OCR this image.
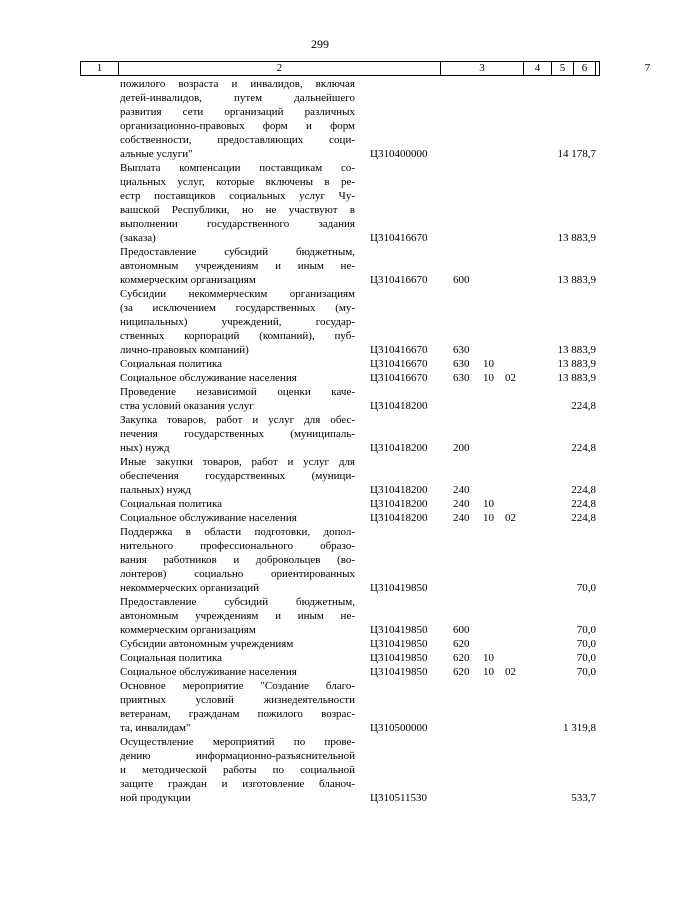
299
1	2	3	4	5	6	7
пожилого возраста и инвалидов, включая
детей-инвалидов, путем дальнейшего
развития сети организаций различных
организационно-правовых форм и форм
собственности, предоставляющих соци-
альные услуги"	Ц310400000	14 178,7
Выплата компенсации поставщикам со-
циальных услуг, которые включены в ре-
естр поставщиков социальных услуг Чу-
вашской Республики, но не участвуют в
выполнении государственного задания
(заказа)	Ц310416670	13 883,9
Предоставление субсидий бюджетным,
автономным учреждениям и иным не-
коммерческим организациям	Ц310416670	600	13 883,9
Субсидии некоммерческим организациям
(за исключением государственных (му-
ниципальных) учреждений, государ-
ственных корпораций (компаний), пуб-
лично-правовых компаний)	Ц310416670	630	13 883,9
Социальная политика	Ц310416670	630	10	13 883,9
Социальное обслуживание населения	Ц310416670	630	10	02	13 883,9
Проведение независимой оценки каче-
ства условий оказания услуг	Ц310418200	224,8
Закупка товаров, работ и услуг для обес-
печения государственных (муниципаль-
ных) нужд	Ц310418200	200	224,8
Иные закупки товаров, работ и услуг для
обеспечения государственных (муници-
пальных) нужд	Ц310418200	240	224,8
Социальная политика	Ц310418200	240	10	224,8
Социальное обслуживание населения	Ц310418200	240	10	02	224,8
Поддержка в области подготовки, допол-
нительного профессионального образо-
вания работников и добровольцев (во-
лонтеров) социально ориентированных
некоммерческих организаций	Ц310419850	70,0
Предоставление субсидий бюджетным,
автономным учреждениям и иным не-
коммерческим организациям	Ц310419850	600	70,0
Субсидии автономным учреждениям	Ц310419850	620	70,0
Социальная политика	Ц310419850	620	10	70,0
Социальное обслуживание населения	Ц310419850	620	10	02	70,0
Основное мероприятие "Создание благо-
приятных условий жизнедеятельности
ветеранам, гражданам пожилого возрас-
та, инвалидам"	Ц310500000	1 319,8
Осуществление мероприятий по прове-
дению информационно-разъяснительной
и методической работы по социальной
защите граждан и изготовление бланоч-
ной продукции	Ц310511530	533,7
